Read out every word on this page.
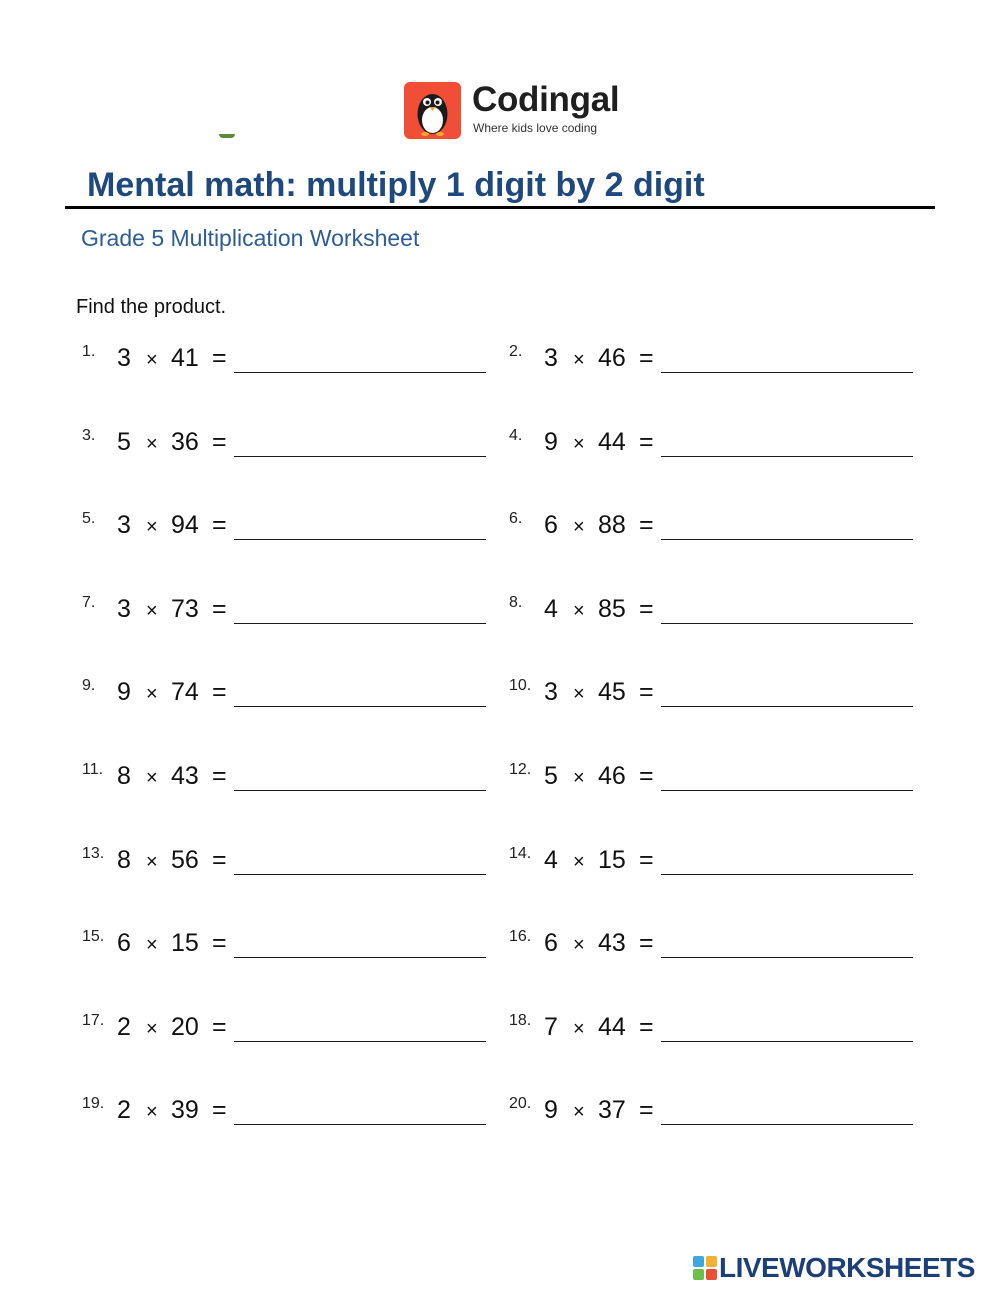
Codingal
Where kids love coding
Mental math: multiply 1 digit by 2 digit
Grade 5 Multiplication Worksheet
Find the product.
1. 3 × 41 =	2. 3 × 46 =
3. 5 × 36 =	4. 9 × 44 =
5. 3 × 94 =	6. 6 × 88 =
7. 3 × 73 =	8. 4 × 85 =
9. 9 × 74 =	10. 3 × 45 =
11. 8 × 43 =	12. 5 × 46 =
13. 8 × 56 =	14. 4 × 15 =
15. 6 × 15 =	16. 6 × 43 =
17. 2 × 20 =	18. 7 × 44 =
19. 2 × 39 =	20. 9 × 37 =
LIVEWORKSHEETS
